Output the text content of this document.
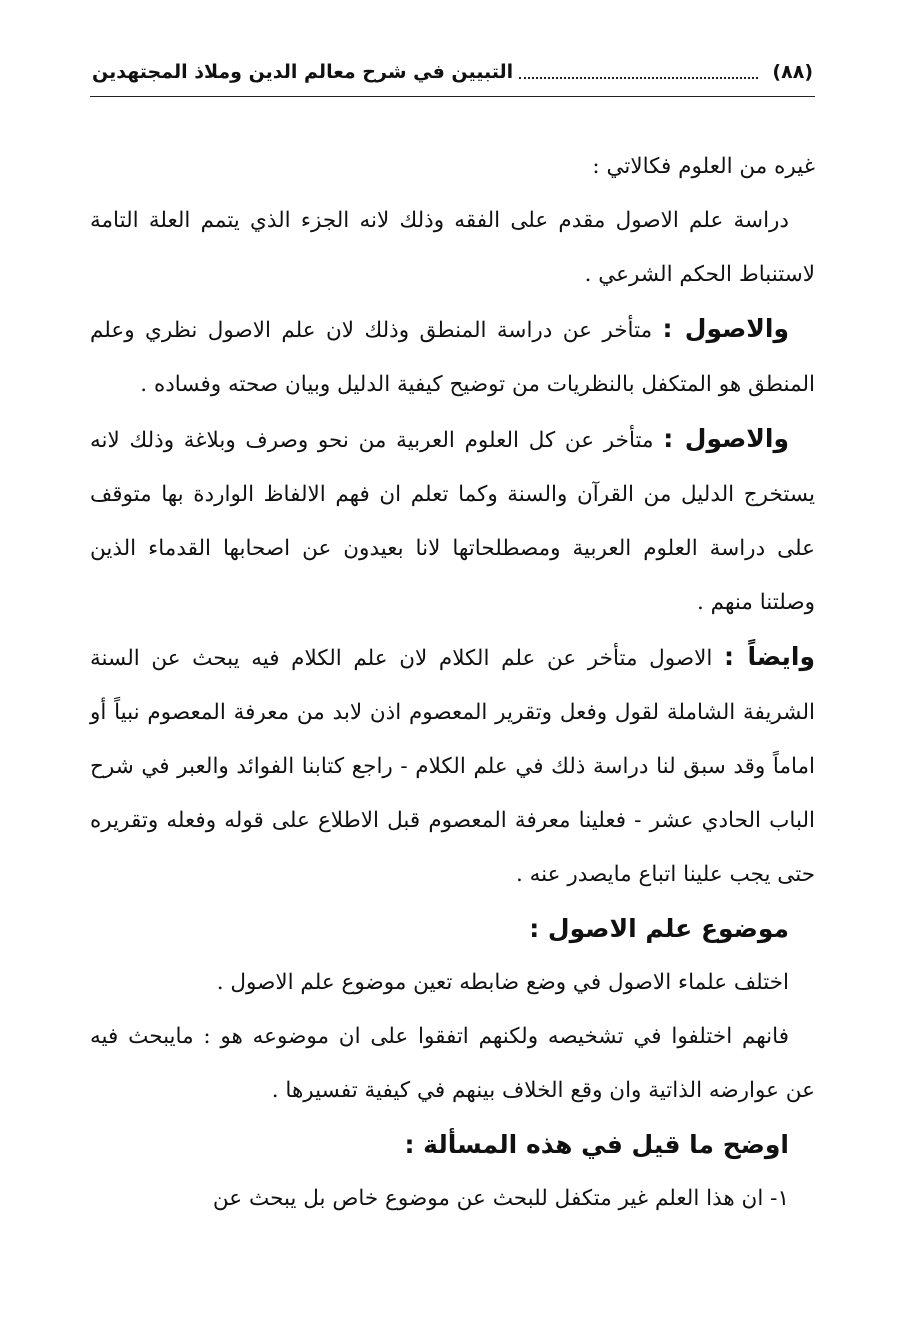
(٨٨)
التبيين في شرح معالم الدين وملاذ المجتهدين

غيره من العلوم فكالاتي :

دراسة علم الاصول مقدم على الفقه وذلك لانه الجزء الذي يتمم العلة التامة لاستنباط الحكم الشرعي .

والاصول : متأخر عن دراسة المنطق وذلك لان علم الاصول نظري وعلم المنطق هو المتكفل بالنظريات من توضيح كيفية الدليل وبيان صحته وفساده .

والاصول : متأخر عن كل العلوم العربية من نحو وصرف وبلاغة وذلك لانه يستخرج الدليل من القرآن والسنة وكما تعلم ان فهم الالفاظ الواردة بها متوقف على دراسة العلوم العربية ومصطلحاتها لانا بعيدون عن اصحابها القدماء الذين وصلتنا منهم .

وايضاً : الاصول متأخر عن علم الكلام لان علم الكلام فيه يبحث عن السنة الشريفة الشاملة لقول وفعل وتقرير المعصوم اذن لابد من معرفة المعصوم نبياً أو اماماً وقد سبق لنا دراسة ذلك في علم الكلام - راجع كتابنا الفوائد والعبر في شرح الباب الحادي عشر - فعلينا معرفة المعصوم قبل الاطلاع على قوله وفعله وتقريره حتى يجب علينا اتباع مايصدر عنه .

موضوع علم الاصول :

اختلف علماء الاصول في وضع ضابطه تعين موضوع علم الاصول .

فانهم اختلفوا في تشخيصه ولكنهم اتفقوا على ان موضوعه هو : مايبحث فيه عن عوارضه الذاتية وان وقع الخلاف بينهم في كيفية تفسيرها .

اوضح ما قيل في هذه المسألة :

١- ان هذا العلم غير متكفل للبحث عن موضوع خاص بل يبحث عن
